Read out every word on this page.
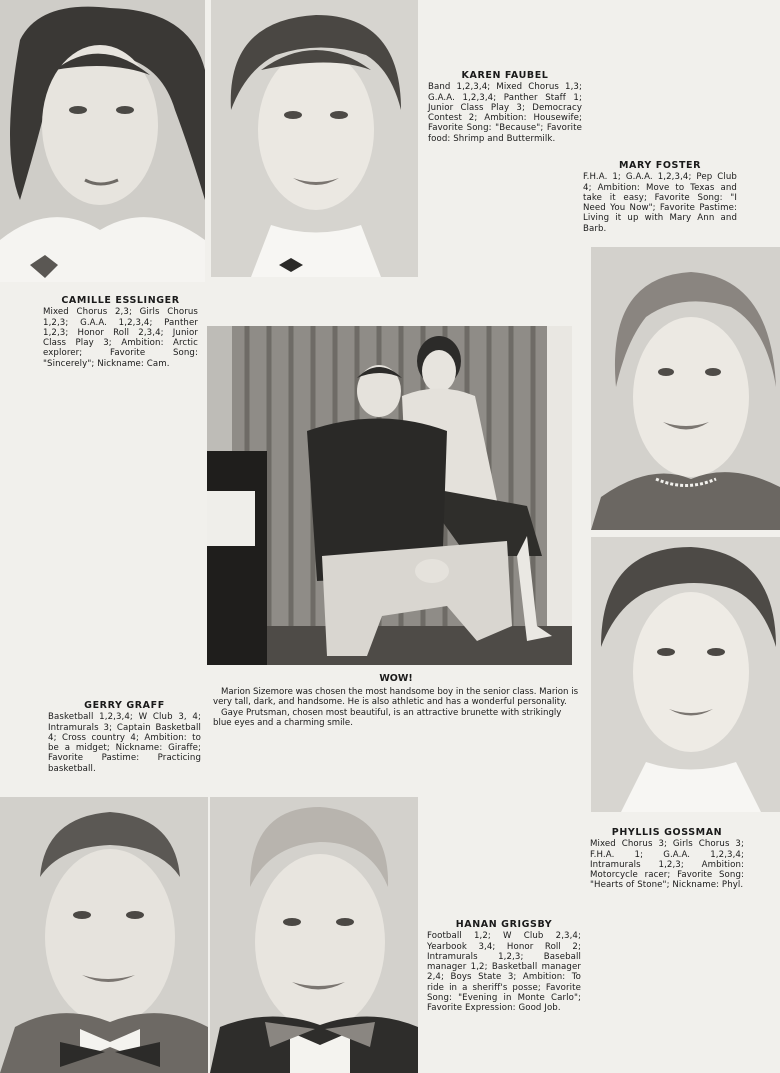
KAREN FAUBEL
Band 1,2,3,4; Mixed Chorus 1,3; G.A.A. 1,2,3,4; Panther Staff 1; Junior Class Play 3; Democracy Contest 2; Ambition: Housewife; Favorite Song: "Because"; Favorite food: Shrimp and Buttermilk.
MARY FOSTER
F.H.A. 1; G.A.A. 1,2,3,4; Pep Club 4; Ambition: Move to Texas and take it easy; Favorite Song: "I Need You Now"; Favorite Pastime: Living it up with Mary Ann and Barb.
CAMILLE ESSLINGER
Mixed Chorus 2,3; Girls Chorus 1,2,3; G.A.A. 1,2,3,4; Panther 1,2,3; Honor Roll 2,3,4; Junior Class Play 3; Ambition: Arctic explorer; Favorite Song: "Sincerely"; Nickname: Cam.
GERRY GRAFF
Basketball 1,2,3,4; W Club 3, 4; Intramurals 3; Captain Basketball 4; Cross country 4; Ambition: to be a midget; Nickname: Giraffe; Favorite Pastime: Practicing basketball.
PHYLLIS GOSSMAN
Mixed Chorus 3; Girls Chorus 3; F.H.A. 1; G.A.A. 1,2,3,4; Intramurals 1,2,3; Ambition: Motorcycle racer; Favorite Song: "Hearts of Stone"; Nickname: Phyl.
HANAN GRIGSBY
Football 1,2; W Club 2,3,4; Yearbook 3,4; Honor Roll 2; Intramurals 1,2,3; Baseball manager 1,2; Basketball manager 2,4; Boys State 3; Ambition: To ride in a sheriff's posse; Favorite Song: "Evening in Monte Carlo"; Favorite Expression: Good Job.
WOW!

Marion Sizemore was chosen the most handsome boy in the senior class. Marion is very tall, dark, and handsome. He is also athletic and has a wonderful personality.

Gaye Prutsman, chosen most beautiful, is an attractive brunette with strikingly blue eyes and a charming smile.
